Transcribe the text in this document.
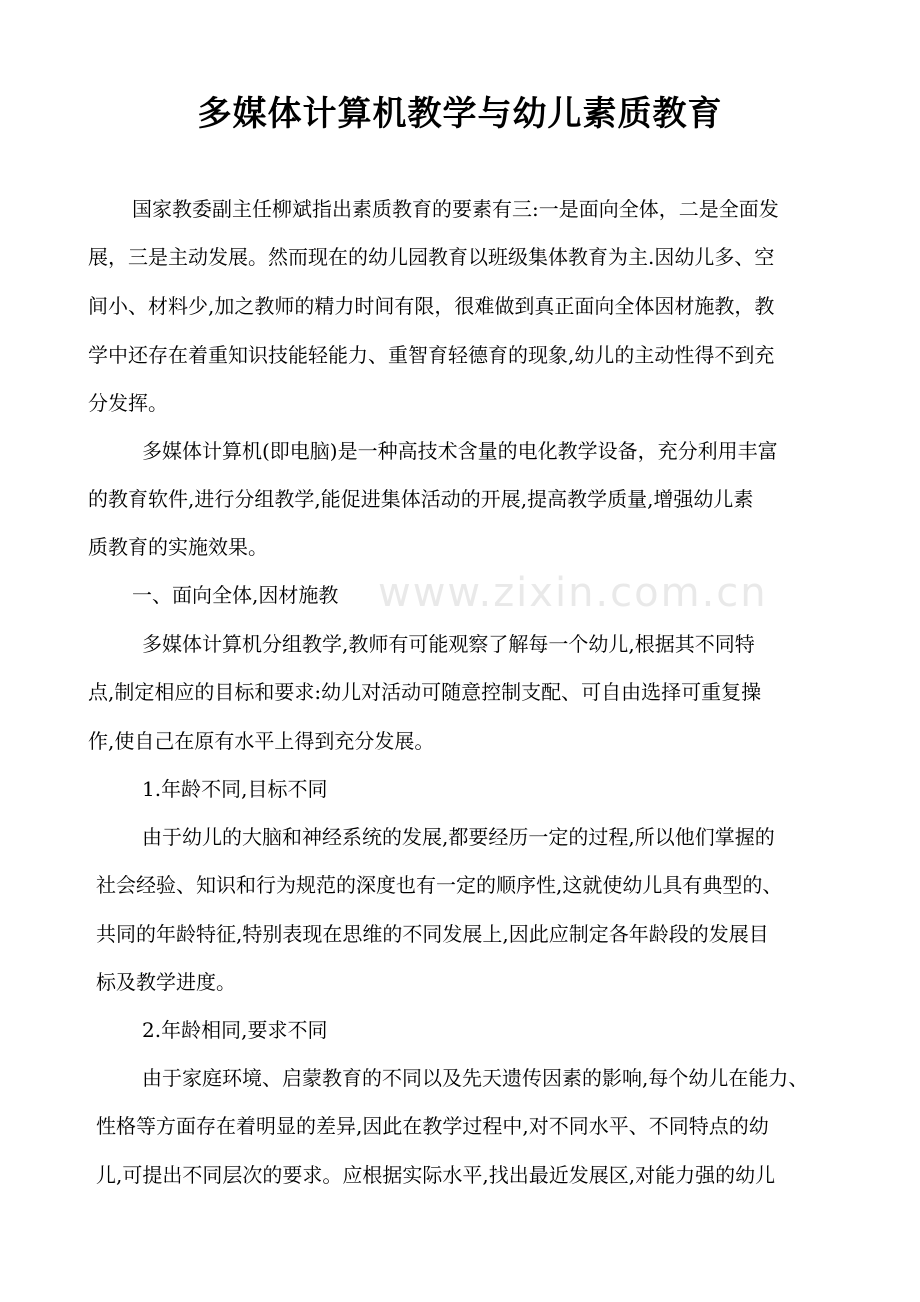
多媒体计算机教学与幼儿素质教育
www.zixin.com.cn

国家教委副主任柳斌指出素质教育的要素有三:一是面向全体，二是全面发

展，三是主动发展。然而现在的幼儿园教育以班级集体教育为主.因幼儿多、空

间小、材料少,加之教师的精力时间有限，很难做到真正面向全体因材施教，教

学中还存在着重知识技能轻能力、重智育轻德育的现象,幼儿的主动性得不到充

分发挥。

多媒体计算机(即电脑)是一种高技术含量的电化教学设备，充分利用丰富

的教育软件,进行分组教学,能促进集体活动的开展,提高教学质量,增强幼儿素

质教育的实施效果。

一、面向全体,因材施教

多媒体计算机分组教学,教师有可能观察了解每一个幼儿,根据其不同特

点,制定相应的目标和要求:幼儿对活动可随意控制支配、可自由选择可重复操

作,使自己在原有水平上得到充分发展。

1.年龄不同,目标不同

由于幼儿的大脑和神经系统的发展,都要经历一定的过程,所以他们掌握的

社会经验、知识和行为规范的深度也有一定的顺序性,这就使幼儿具有典型的、

共同的年龄特征,特别表现在思维的不同发展上,因此应制定各年龄段的发展目

标及教学进度。

2.年龄相同,要求不同

由于家庭环境、启蒙教育的不同以及先天遗传因素的影响,每个幼儿在能力、

性格等方面存在着明显的差异,因此在教学过程中,对不同水平、不同特点的幼

儿,可提出不同层次的要求。应根据实际水平,找出最近发展区,对能力强的幼儿
